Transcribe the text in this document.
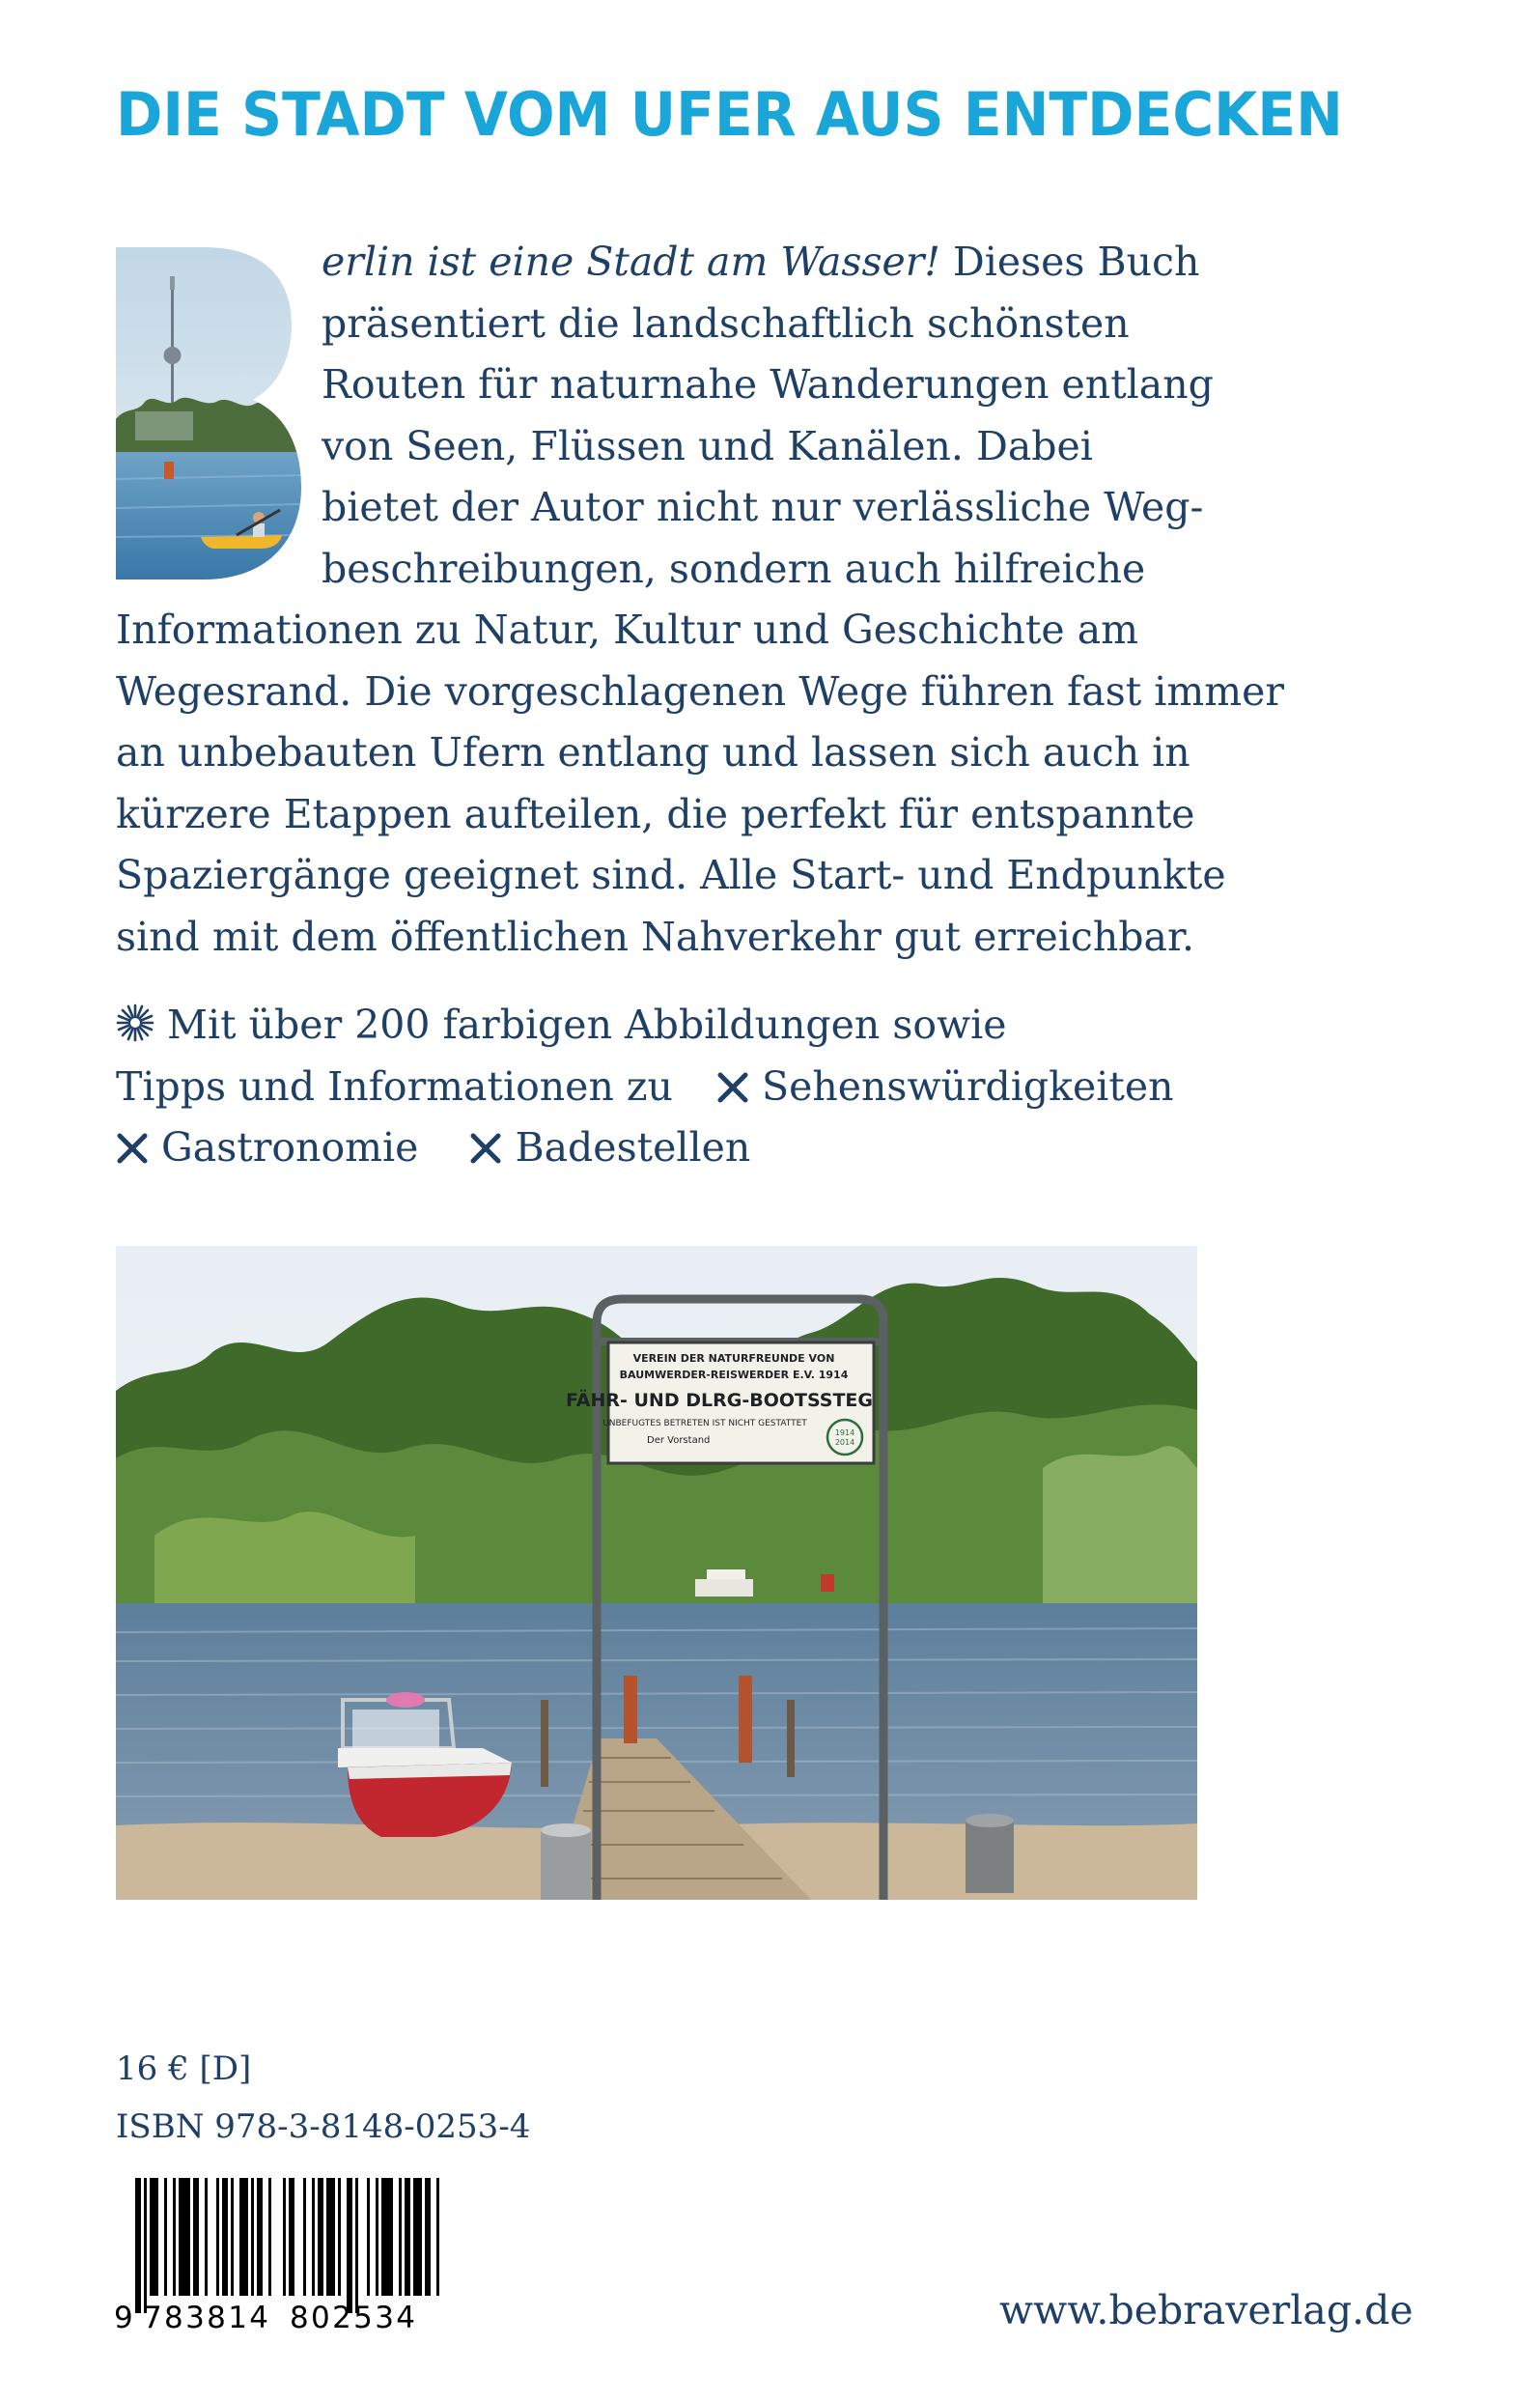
DIE STADT VOM UFER AUS ENTDECKEN
erlin ist eine Stadt am Wasser! Dieses Buch
präsentiert die landschaftlich schönsten
Routen für naturnahe Wanderungen entlang
von Seen, Flüssen und Kanälen. Dabei
bietet der Autor nicht nur verlässliche Weg-
beschreibungen, sondern auch hilfreiche
Informationen zu Natur, Kultur und Geschichte am
Wegesrand. Die vorgeschlagenen Wege führen fast immer
an unbebauten Ufern entlang und lassen sich auch in
kürzere Etappen aufteilen, die perfekt für entspannte
Spaziergänge geeignet sind. Alle Start- und Endpunkte
sind mit dem öffentlichen Nahverkehr gut erreichbar.
Mit über 200 farbigen Abbildungen sowie
Tipps und Informationen zu Sehenswürdigkeiten
Gastronomie Badestellen
VEREIN DER NATURFREUNDE VON
BAUMWERDER-REISWERDER E.V. 1914
FÄHR- UND DLRG-BOOTSSTEG
UNBEFUGTES BETRETEN IST NICHT GESTATTET
Der Vorstand
1914
2014
16 € [D]
ISBN 978-3-8148-0253-4
9 783814 802534	www.bebraverlag.de
